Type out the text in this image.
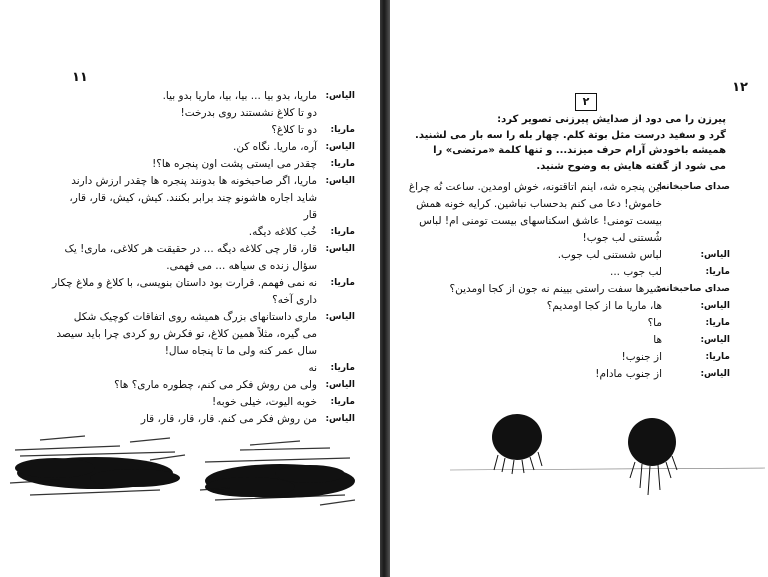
۱۱
الیاس:
ماریا، بدو بیا ... بیا، بیا، ماریا بدو بیا.
دو تا کلاغ نشستند روی بدرخت!
ماریا:
دو تا کلاغ؟
الیاس:
آره، ماریا. نگاه کن.
ماریا:
چقدر می ایستی پشت اون پنجره ها؟!
الیاس:
ماریا، اگر صاحبخونه ها بدونند پنجره ها چقدر ارزش دارند
شاید اجاره هاشونو چند برابر بکنند. کیش، کیش، قار، قار،
قار
ماریا:
خُب کلاغه دیگه.
الیاس:
قار، قار چی کلاغه دیگه ... در حقیقت هر کلاغی، ماری! یک
سؤال زنده ی سیاهه ... می فهمی.
ماریا:
نه نمی فهمم. قرارت بود داستان بنویسی، با کلاغ و ملاغ چکار
داری آخه؟
الیاس:
ماری داستانهای بزرگ همیشه روی اتفاقات کوچیک شکل
می گیره، مثلاً همین کلاغ، تو فکرش رو کردی چرا باید سیصد
سال عمر کنه ولی ما تا پنجاه سال!
ماریا:
نه
الیاس:
ولی من روش فکر می کنم، چطوره ماری؟ ها؟
ماریا:
خوبه الیوت، خیلی خوبه!
الیاس:
من روش فکر می کنم. قار، قار، قار، قار
۱۲
۲
پیرزن را می دود از صدایش پیرزنی تصویر کرد:
گرد و سفید درست مثل بوتة کلم. چهار بله را سه بار می لشنید.
همیشه باخودش آرام حرف میزند... و تنها کلمة «مرتضی» را
می شود از گفته هایش به وضوح شنید.
صدای صاحبخانه:
این پنجره شه، اینم اتاقتونه، خوش اومدین. ساعت نُه چراغ
خاموش! دعا می کنم بدحساب نباشین. کرایه خونه همش
بیست تومنی! عاشق اسکناسهای بیست تومنی ام! لباس
شُستنی لب جوب!
الیاس:
لباس شستنی لب جوب.
ماریا:
لب جوب ...
صدای صاحبخانه:
شیرها سفت راستی بیینم نه جون از کجا اومدین؟
الیاس:
ها، ماریا ما از کجا اومدیم؟
ماریا:
ما؟
الیاس:
ها
ماریا:
از جنوب!
الیاس:
از جنوب مادام!
